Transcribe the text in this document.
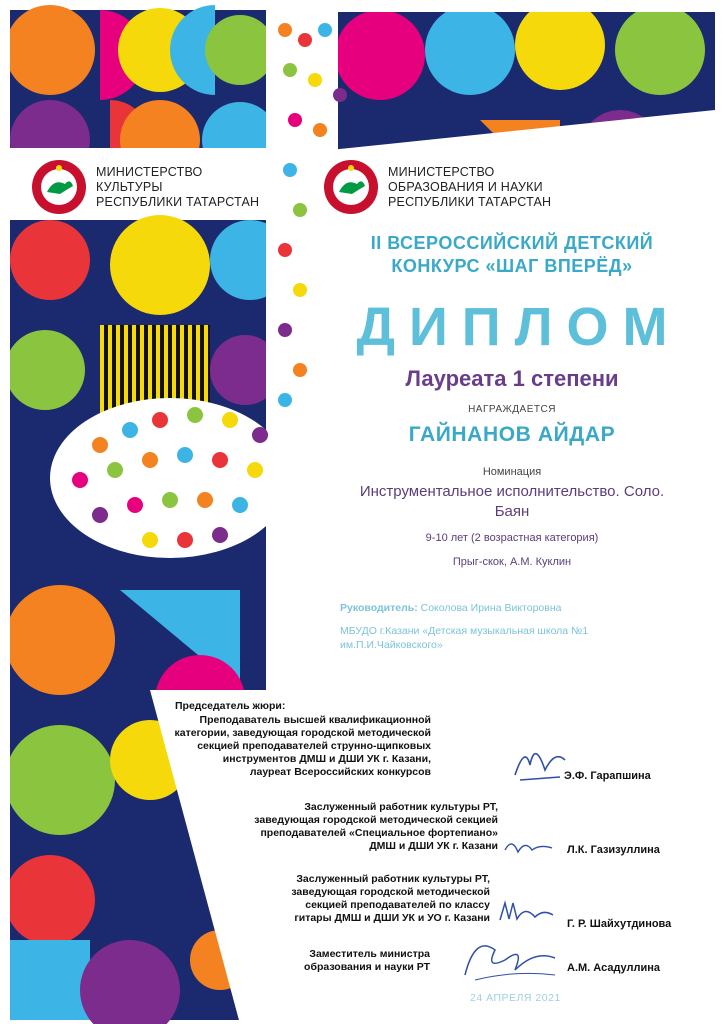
МИНИСТЕРСТВО
КУЛЬТУРЫ
РЕСПУБЛИКИ ТАТАРСТАН
МИНИСТЕРСТВО
ОБРАЗОВАНИЯ И НАУКИ
РЕСПУБЛИКИ ТАТАРСТАН
II ВСЕРОССИЙСКИЙ ДЕТСКИЙ
КОНКУРС «ШАГ ВПЕРЁД»
ДИПЛОМ
Лауреата 1 степени
НАГРАЖДАЕТСЯ
ГАЙНАНОВ АЙДАР
Номинация
Инструментальное исполнительство. Соло.
Баян
9-10 лет (2 возрастная категория)
Прыг-скок, А.М. Куклин
Руководитель: Соколова Ирина Викторовна
МБУДО г.Казани «Детская музыкальная школа №1
им.П.И.Чайковского»
Председатель жюри:
Преподаватель высшей квалификационной
категории, заведующая городской методической
секцией преподавателей струнно-щипковых
инструментов ДМШ и ДШИ УК г. Казани,
лауреат Всероссийских конкурсов	Э.Ф. Гарапшина
Заслуженный работник культуры РТ,
заведующая городской методической секцией
преподавателей «Специальное фортепиано»
ДМШ и ДШИ УК г. Казани	Л.К. Газизуллина
Заслуженный работник культуры РТ,
заведующая городской методической
секцией преподавателей по классу
гитары ДМШ и ДШИ УК и УО г. Казани	Г. Р. Шайхутдинова
Заместитель министра
образования и науки РТ	А.М. Асадуллина
24 АПРЕЛЯ 2021
